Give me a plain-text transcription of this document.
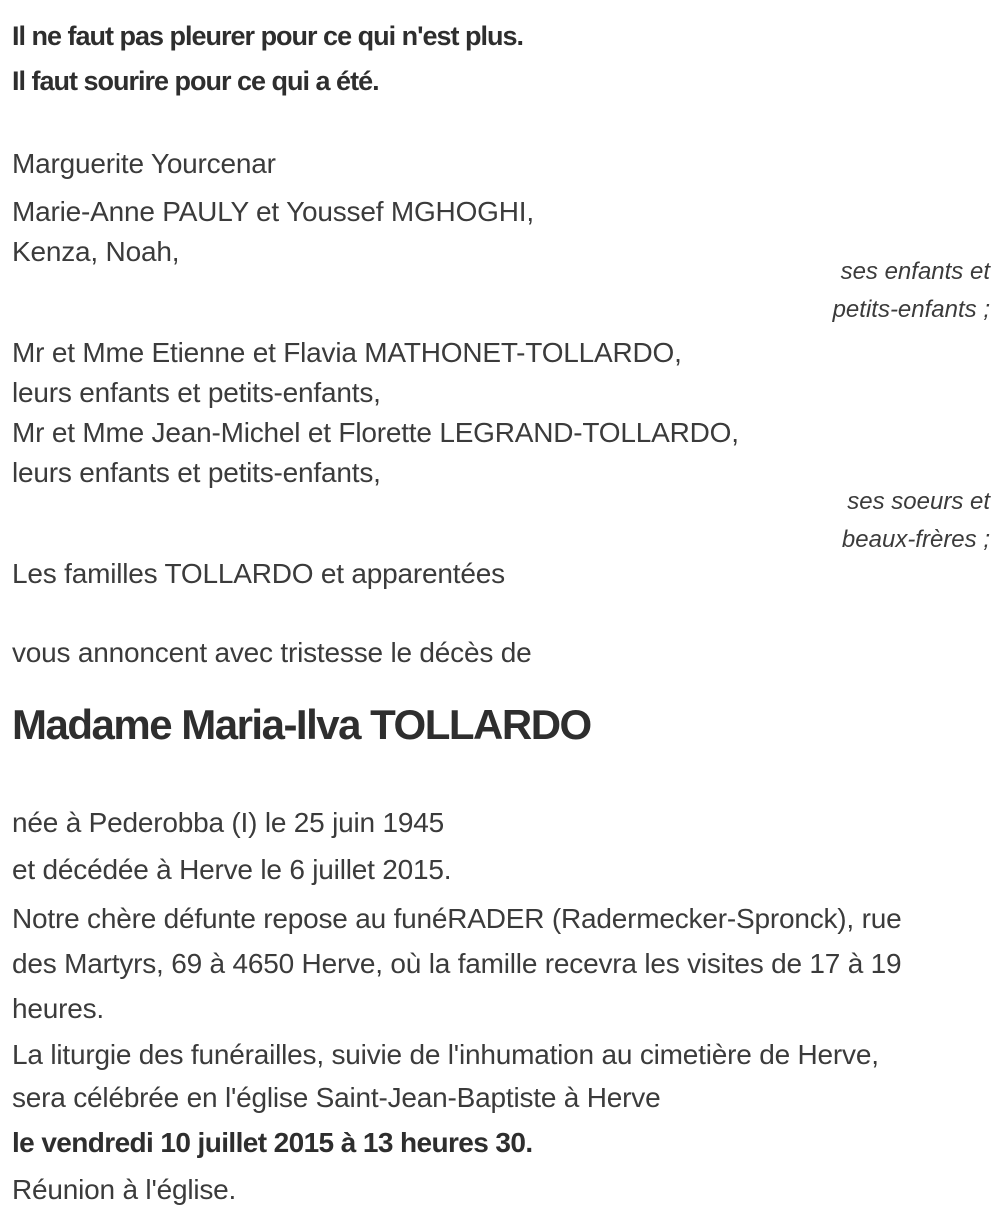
Il ne faut pas pleurer pour ce qui n'est plus.
Il faut sourire pour ce qui a été.
Marguerite Yourcenar
Marie-Anne PAULY et Youssef MGHOGHI,
Kenza, Noah,
ses enfants et
petits-enfants ;
Mr et Mme Etienne et Flavia MATHONET-TOLLARDO,
leurs enfants et petits-enfants,
Mr et Mme Jean-Michel et Florette LEGRAND-TOLLARDO,
leurs enfants et petits-enfants,
ses soeurs et
beaux-frères ;
Les familles TOLLARDO et apparentées
vous annoncent avec tristesse le décès de
Madame Maria-Ilva TOLLARDO
née à Pederobba (I) le 25 juin 1945
et décédée à Herve le 6 juillet 2015.
Notre chère défunte repose au funéRADER (Radermecker-Spronck), rue
des Martyrs, 69 à 4650 Herve, où la famille recevra les visites de 17 à 19
heures.
La liturgie des funérailles, suivie de l'inhumation au cimetière de Herve,
sera célébrée en l'église Saint-Jean-Baptiste à Herve
le vendredi 10 juillet 2015 à 13 heures 30.
Réunion à l'église.
